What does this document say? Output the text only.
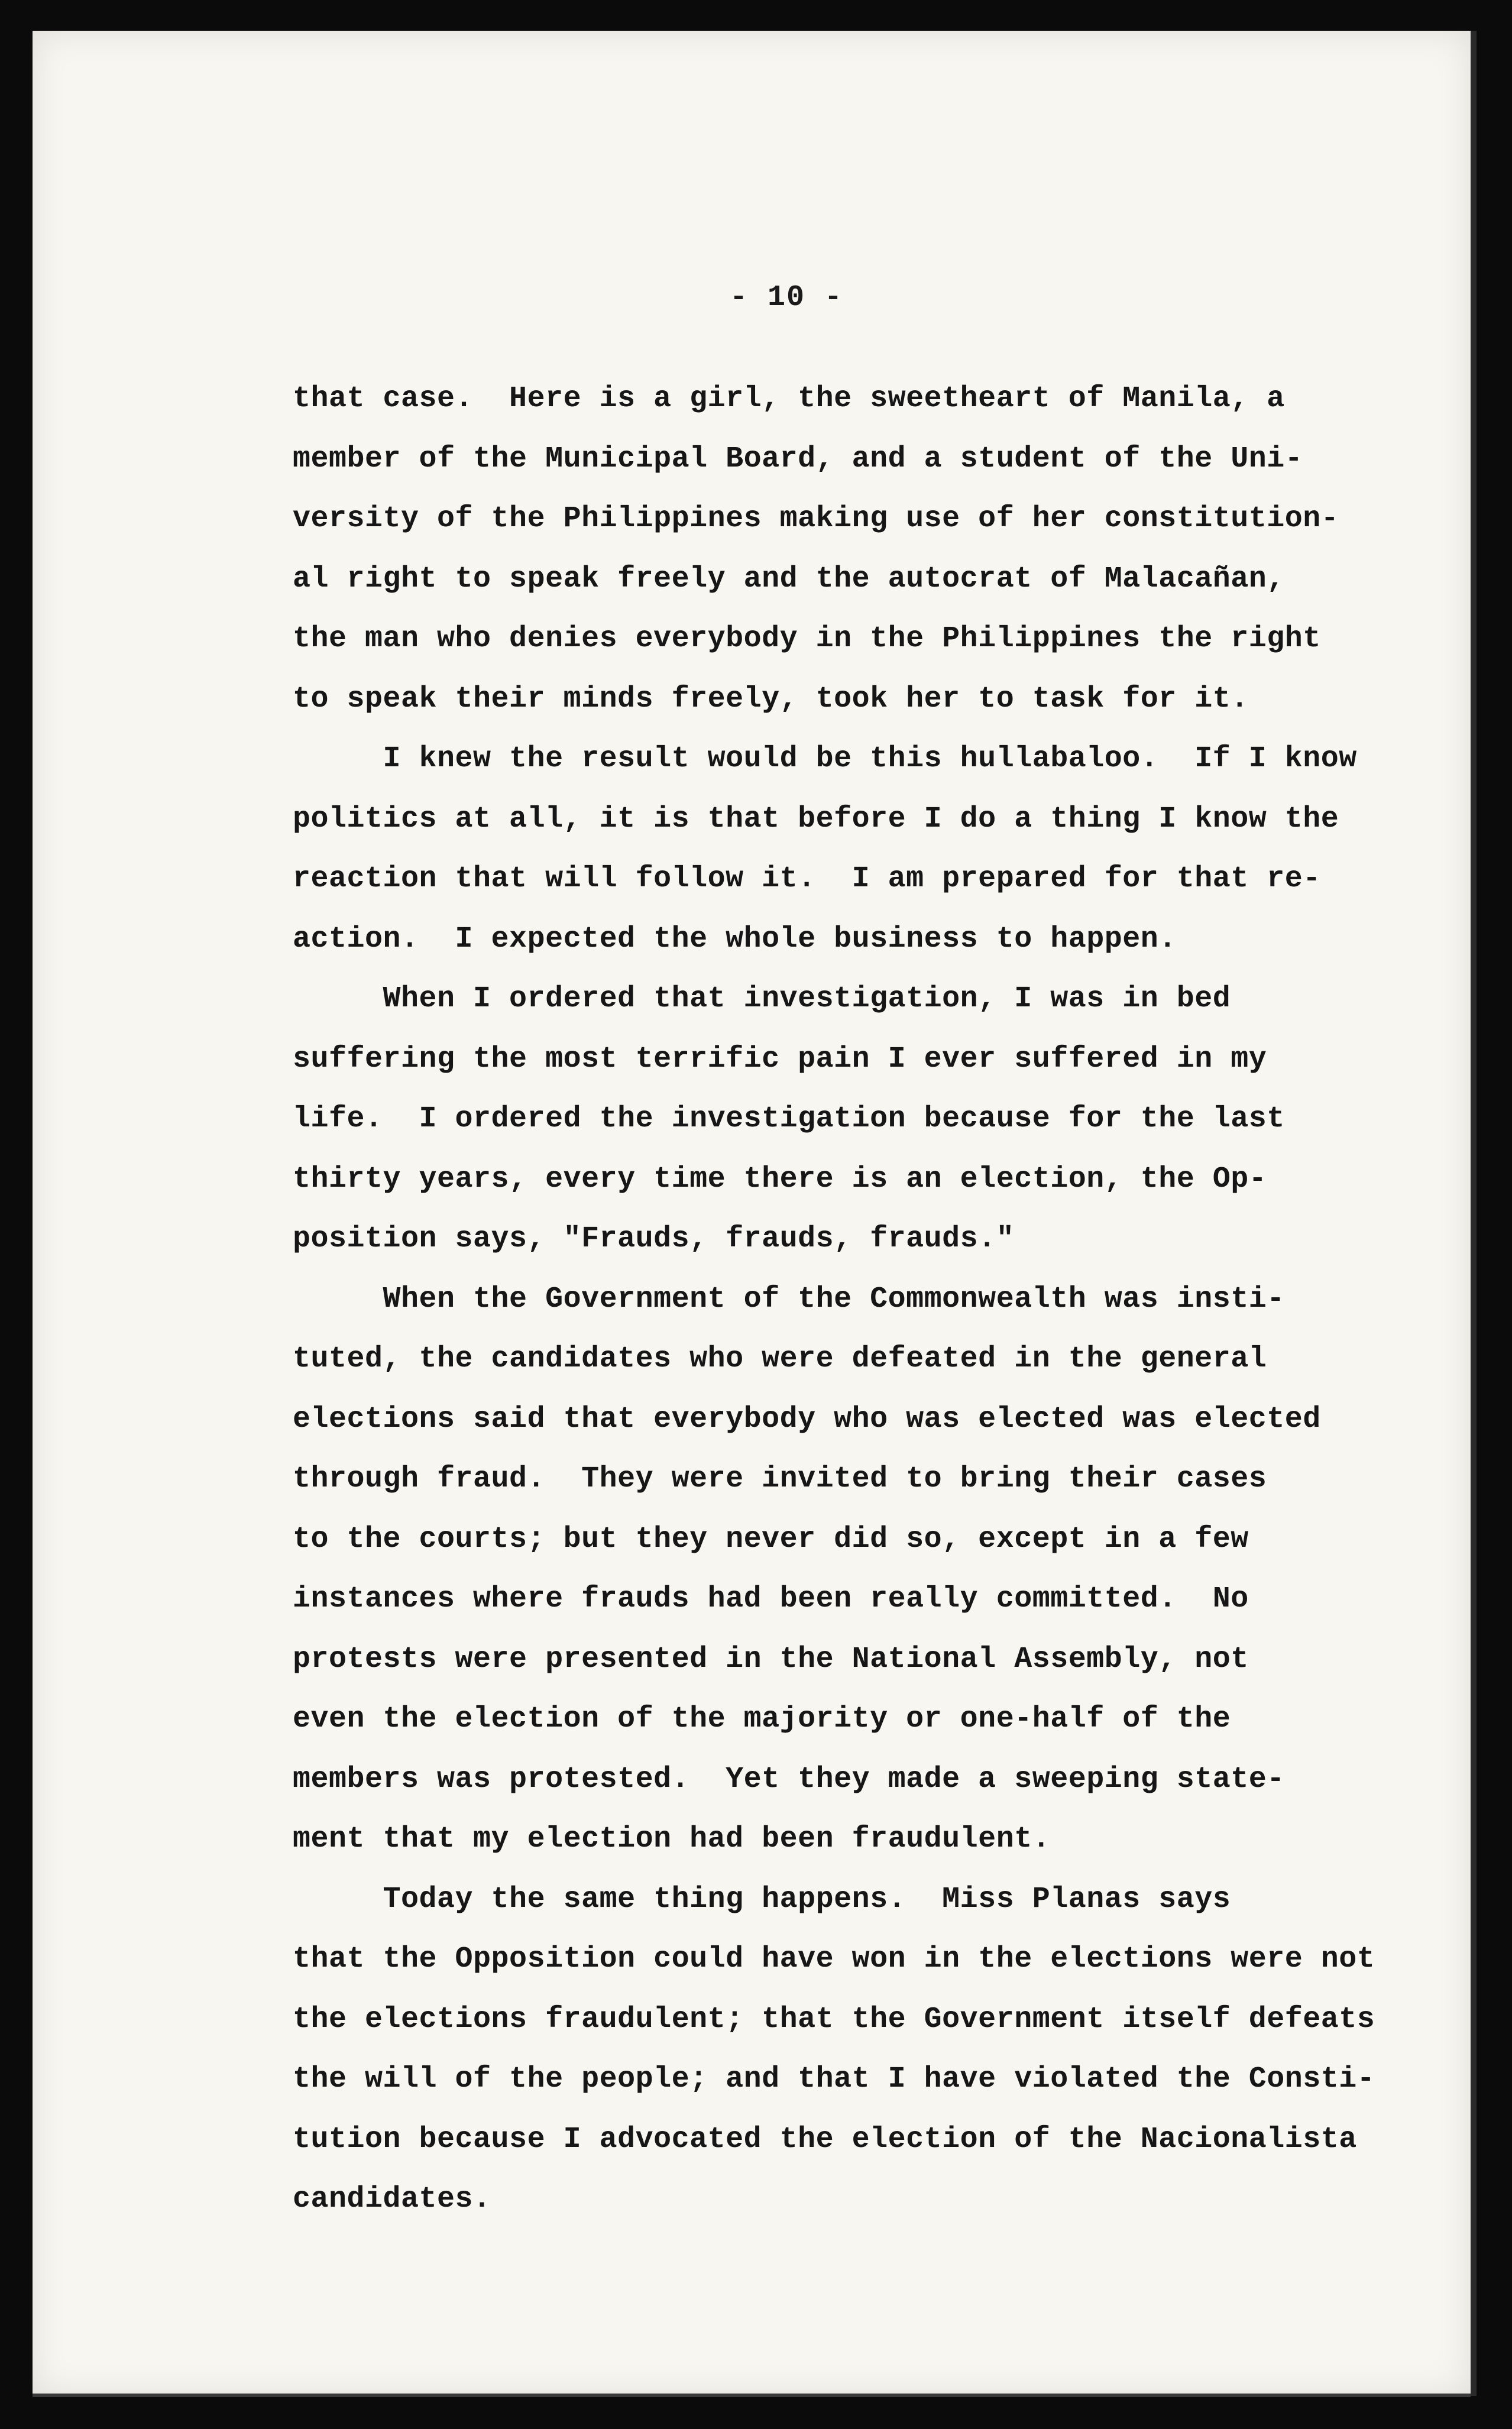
- 10 -
that case.  Here is a girl, the sweetheart of Manila, a
member of the Municipal Board, and a student of the Uni-
versity of the Philippines making use of her constitution-
al right to speak freely and the autocrat of Malacañan,
the man who denies everybody in the Philippines the right
to speak their minds freely, took her to task for it.
I knew the result would be this hullabaloo.  If I know
politics at all, it is that before I do a thing I know the
reaction that will follow it.  I am prepared for that re-
action.  I expected the whole business to happen.
When I ordered that investigation, I was in bed
suffering the most terrific pain I ever suffered in my
life.  I ordered the investigation because for the last
thirty years, every time there is an election, the Op-
position says, "Frauds, frauds, frauds."
When the Government of the Commonwealth was insti-
tuted, the candidates who were defeated in the general
elections said that everybody who was elected was elected
through fraud.  They were invited to bring their cases
to the courts; but they never did so, except in a few
instances where frauds had been really committed.  No
protests were presented in the National Assembly, not
even the election of the majority or one-half of the
members was protested.  Yet they made a sweeping state-
ment that my election had been fraudulent.
Today the same thing happens.  Miss Planas says
that the Opposition could have won in the elections were not
the elections fraudulent; that the Government itself defeats
the will of the people; and that I have violated the Consti-
tution because I advocated the election of the Nacionalista
candidates.
